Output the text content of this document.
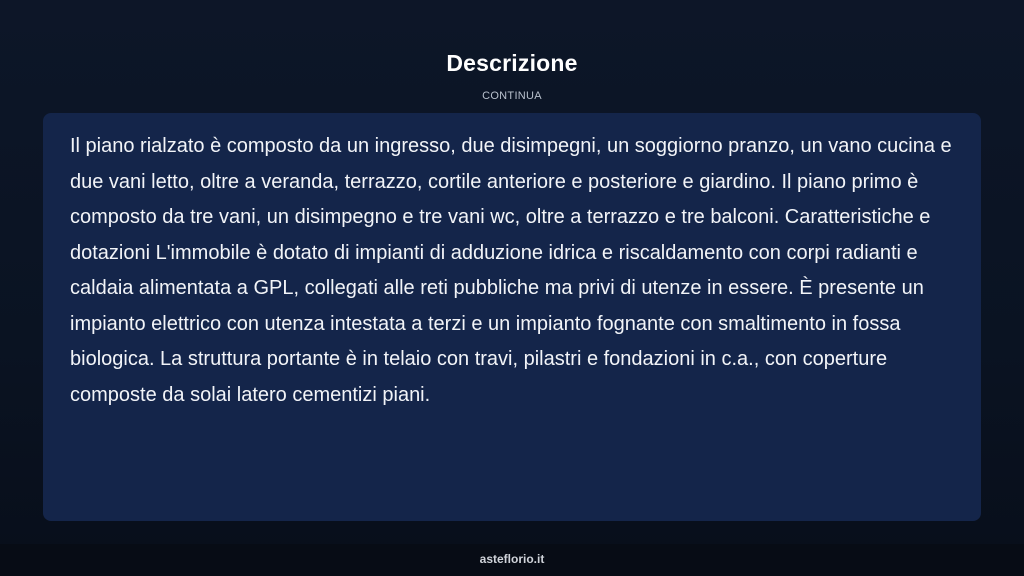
Descrizione
CONTINUA

Il piano rialzato è composto da un ingresso, due disimpegni, un soggiorno pranzo, un vano cucina e due vani letto, oltre a veranda, terrazzo, cortile anteriore e posteriore e giardino. Il piano primo è composto da tre vani, un disimpegno e tre vani wc, oltre a terrazzo e tre balconi. Caratteristiche e dotazioni L'immobile è dotato di impianti di adduzione idrica e riscaldamento con corpi radianti e caldaia alimentata a GPL, collegati alle reti pubbliche ma privi di utenze in essere. È presente un impianto elettrico con utenza intestata a terzi e un impianto fognante con smaltimento in fossa biologica. La struttura portante è in telaio con travi, pilastri e fondazioni in c.a., con coperture composte da solai latero cementizi piani.

asteflorio.it
